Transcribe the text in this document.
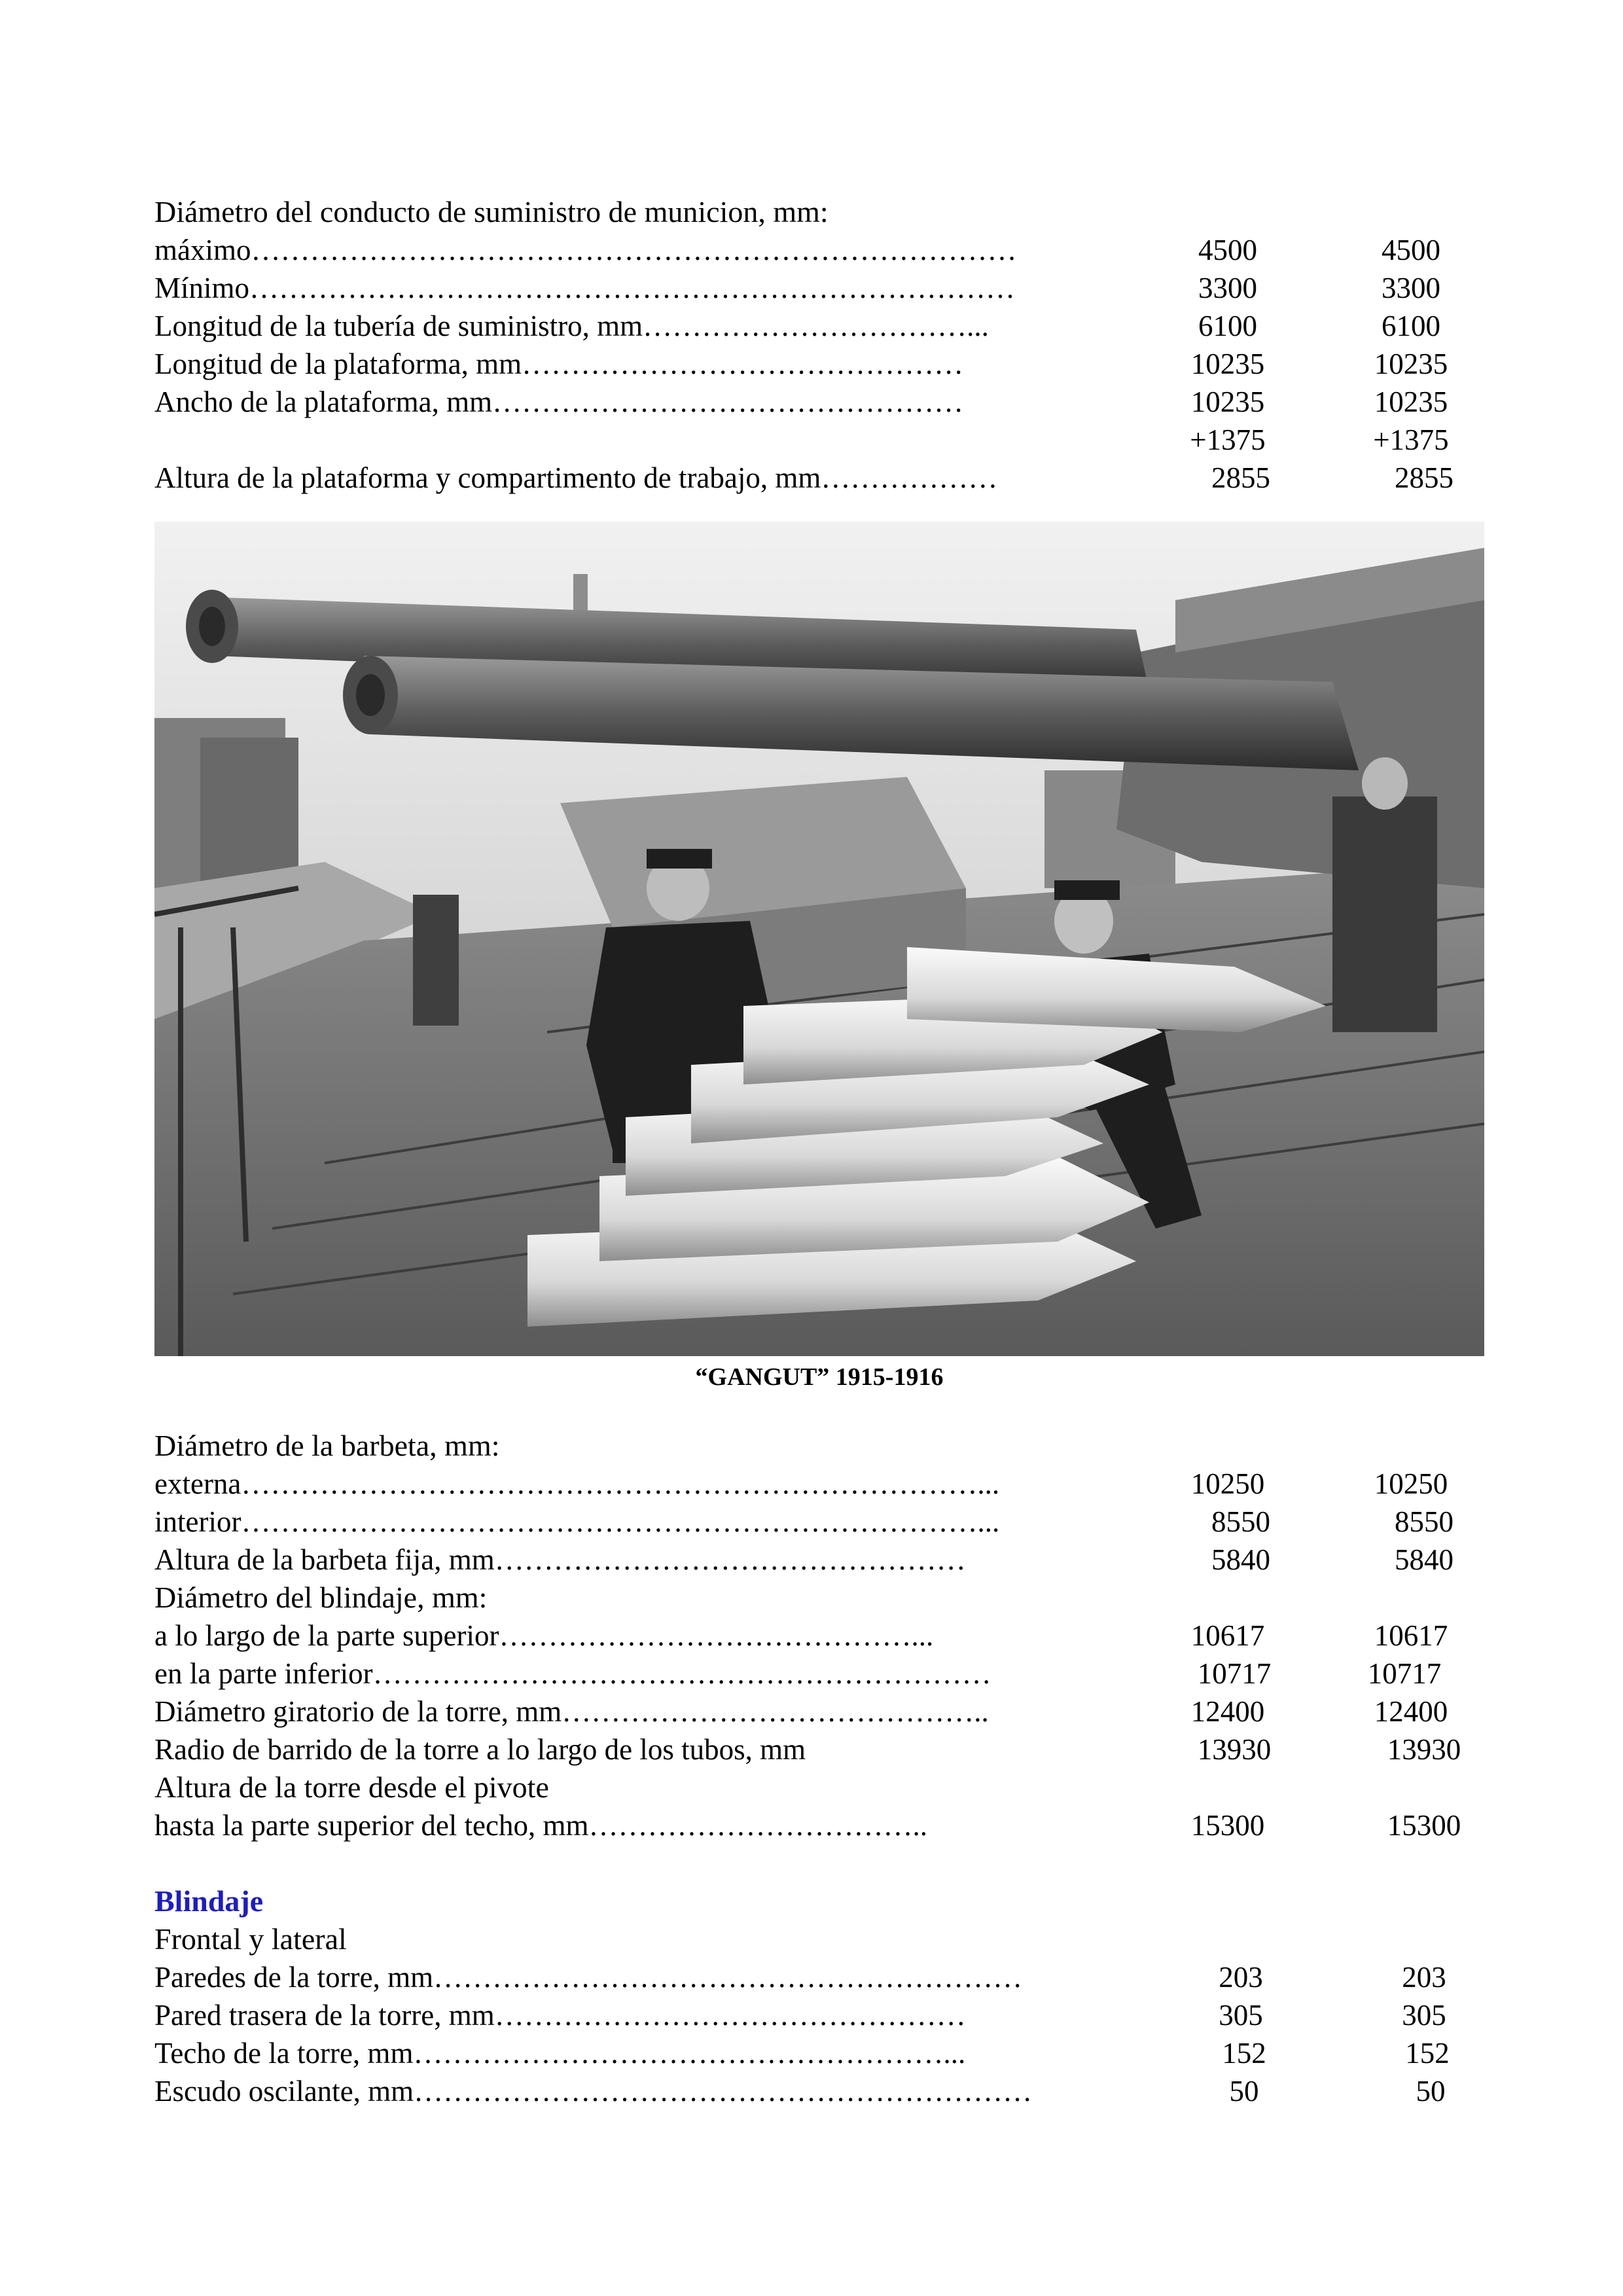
Diámetro del conducto de suministro de municion, mm:
máximo……………………………………………………………………	4500	4500
Mínimo……………………………………………………………………	3300	3300
Longitud de la tubería de suministro, mm……………………………...	6100	6100
Longitud de la plataforma, mm………………………………………	10235	10235
Ancho de la plataforma, mm…………………………………………	10235	10235
+1375	+1375
Altura de la plataforma y compartimento de trabajo, mm………………	2855	2855
“GANGUT” 1915-1916
Diámetro de la barbeta, mm:
externa…………………………………………………………………...	10250	10250
interior…………………………………………………………………...	8550	8550
Altura de la barbeta fija, mm…………………………………………	5840	5840
Diámetro del blindaje, mm:
a lo largo de la parte superior……………………………………...	10617	10617
en la parte inferior………………………………………………………	10717	10717
Diámetro giratorio de la torre, mm……………………………………..	12400	12400
Radio de barrido de la torre a lo largo de los tubos, mm	13930	13930
Altura de la torre desde el pivote
hasta la parte superior del techo, mm……………………………..	15300	15300
Blindaje
Frontal y lateral
Paredes de la torre, mm……………………………………………………	203	203
Pared trasera de la torre, mm…………………………………………	305	305
Techo de la torre, mm………………………………………………...	152	152
Escudo oscilante, mm………………………………………………………	50	50
